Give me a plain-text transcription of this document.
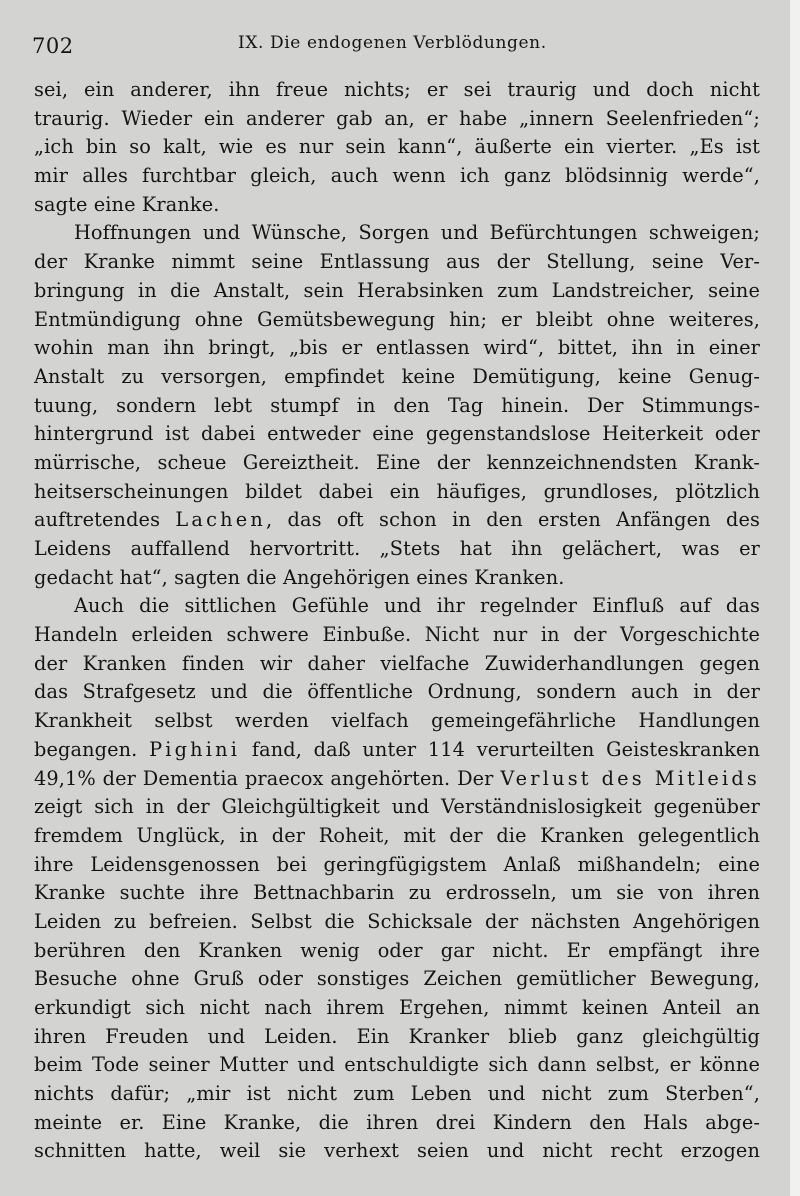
702	IX. Die endogenen Verblödungen.
sei, ein anderer, ihn freue nichts; er sei traurig und doch nicht
traurig. Wieder ein anderer gab an, er habe „innern Seelenfrieden“;
„ich bin so kalt, wie es nur sein kann“, äußerte ein vierter. „Es ist
mir alles furchtbar gleich, auch wenn ich ganz blödsinnig werde“,
sagte eine Kranke.
Hoffnungen und Wünsche, Sorgen und Befürchtungen schweigen;
der Kranke nimmt seine Entlassung aus der Stellung, seine Ver-
bringung in die Anstalt, sein Herabsinken zum Landstreicher, seine
Entmündigung ohne Gemütsbewegung hin; er bleibt ohne weiteres,
wohin man ihn bringt, „bis er entlassen wird“, bittet, ihn in einer
Anstalt zu versorgen, empfindet keine Demütigung, keine Genug-
tuung, sondern lebt stumpf in den Tag hinein. Der Stimmungs-
hintergrund ist dabei entweder eine gegenstandslose Heiterkeit oder
mürrische, scheue Gereiztheit. Eine der kennzeichnendsten Krank-
heitserscheinungen bildet dabei ein häufiges, grundloses, plötzlich
auftretendes Lachen, das oft schon in den ersten Anfängen des
Leidens auffallend hervortritt. „Stets hat ihn gelächert, was er
gedacht hat“, sagten die Angehörigen eines Kranken.
Auch die sittlichen Gefühle und ihr regelnder Einfluß auf das
Handeln erleiden schwere Einbuße. Nicht nur in der Vorgeschichte
der Kranken finden wir daher vielfache Zuwiderhandlungen gegen
das Strafgesetz und die öffentliche Ordnung, sondern auch in der
Krankheit selbst werden vielfach gemeingefährliche Handlungen
begangen. Pighini fand, daß unter 114 verurteilten Geisteskranken
49,1% der Dementia praecox angehörten. Der Verlust des Mitleids
zeigt sich in der Gleichgültigkeit und Verständnislosigkeit gegenüber
fremdem Unglück, in der Roheit, mit der die Kranken gelegentlich
ihre Leidensgenossen bei geringfügigstem Anlaß mißhandeln; eine
Kranke suchte ihre Bettnachbarin zu erdrosseln, um sie von ihren
Leiden zu befreien. Selbst die Schicksale der nächsten Angehörigen
berühren den Kranken wenig oder gar nicht. Er empfängt ihre
Besuche ohne Gruß oder sonstiges Zeichen gemütlicher Bewegung,
erkundigt sich nicht nach ihrem Ergehen, nimmt keinen Anteil an
ihren Freuden und Leiden. Ein Kranker blieb ganz gleichgültig
beim Tode seiner Mutter und entschuldigte sich dann selbst, er könne
nichts dafür; „mir ist nicht zum Leben und nicht zum Sterben“,
meinte er. Eine Kranke, die ihren drei Kindern den Hals abge-
schnitten hatte, weil sie verhext seien und nicht recht erzogen
